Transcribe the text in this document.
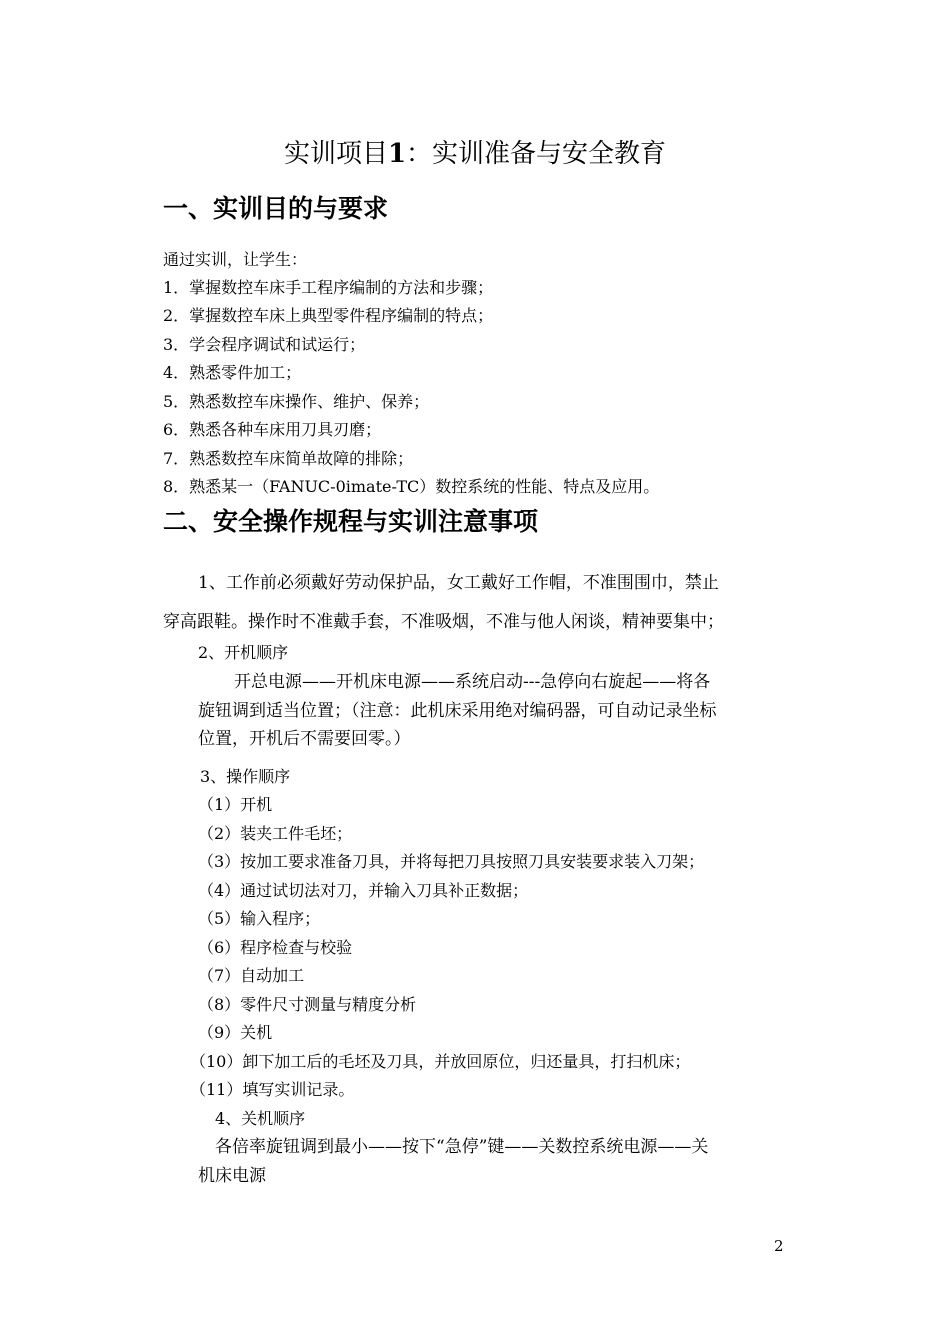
实训项目1：实训准备与安全教育
一、实训目的与要求
通过实训，让学生：
1．掌握数控车床手工程序编制的方法和步骤；
2．掌握数控车床上典型零件程序编制的特点；
3．学会程序调试和试运行；
4．熟悉零件加工；
5．熟悉数控车床操作、维护、保养；
6．熟悉各种车床用刀具刃磨；
7．熟悉数控车床简单故障的排除；
8．熟悉某一（FANUC-0imate-TC）数控系统的性能、特点及应用。
二、安全操作规程与实训注意事项
1、工作前必须戴好劳动保护品，女工戴好工作帽，不准围围巾，禁止
穿高跟鞋。操作时不准戴手套，不准吸烟，不准与他人闲谈，精神要集中；
2、开机顺序
开总电源——开机床电源——系统启动---急停向右旋起——将各
旋钮调到适当位置；（注意：此机床采用绝对编码器，可自动记录坐标
位置，开机后不需要回零。）
3、操作顺序
（1）开机
（2）装夹工件毛坯；
（3）按加工要求准备刀具，并将每把刀具按照刀具安装要求装入刀架；
（4）通过试切法对刀，并输入刀具补正数据；
（5）输入程序；
（6）程序检查与校验
（7）自动加工
（8）零件尺寸测量与精度分析
（9）关机
（10）卸下加工后的毛坯及刀具，并放回原位，归还量具，打扫机床；
（11）填写实训记录。
4、关机顺序
各倍率旋钮调到最小——按下“急停”键——关数控系统电源——关
机床电源
2
